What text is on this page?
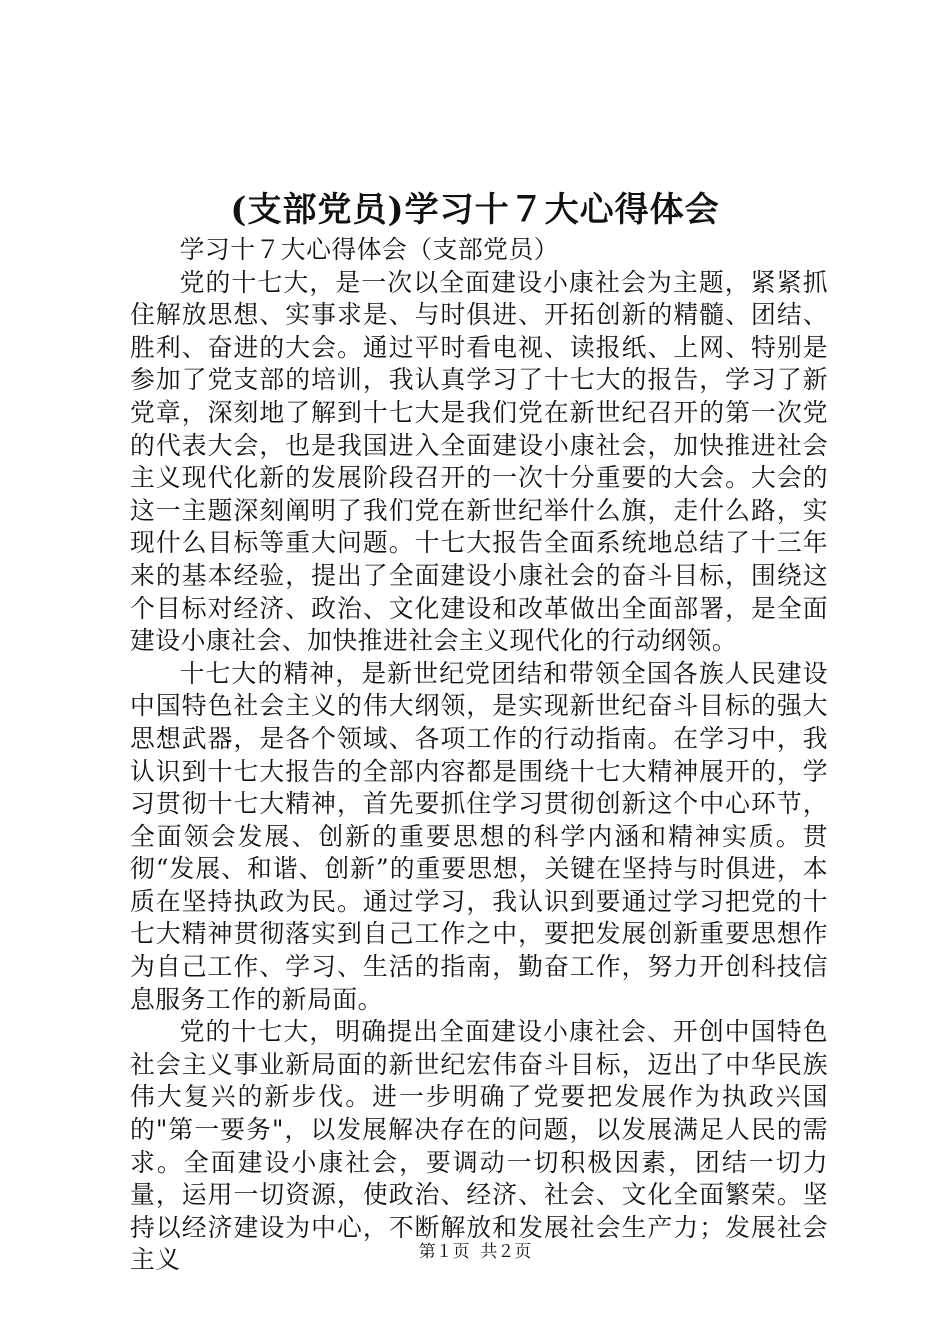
(支部党员)学习十７大心得体会

学习十７大心得体会（支部党员）

党的十七大，是一次以全面建设小康社会为主题，紧紧抓住解放思想、实事求是、与时俱进、开拓创新的精髓、团结、胜利、奋进的大会。通过平时看电视、读报纸、上网、特别是参加了党支部的培训，我认真学习了十七大的报告，学习了新党章，深刻地了解到十七大是我们党在新世纪召开的第一次党的代表大会，也是我国进入全面建设小康社会，加快推进社会主义现代化新的发展阶段召开的一次十分重要的大会。大会的这一主题深刻阐明了我们党在新世纪举什么旗，走什么路，实现什么目标等重大问题。十七大报告全面系统地总结了十三年来的基本经验，提出了全面建设小康社会的奋斗目标，围绕这个目标对经济、政治、文化建设和改革做出全面部署，是全面建设小康社会、加快推进社会主义现代化的行动纲领。

十七大的精神，是新世纪党团结和带领全国各族人民建设中国特色社会主义的伟大纲领，是实现新世纪奋斗目标的强大思想武器，是各个领域、各项工作的行动指南。在学习中，我认识到十七大报告的全部内容都是围绕十七大精神展开的，学习贯彻十七大精神，首先要抓住学习贯彻创新这个中心环节，全面领会发展、创新的重要思想的科学内涵和精神实质。贯彻“发展、和谐、创新”的重要思想，关键在坚持与时俱进，本质在坚持执政为民。通过学习，我认识到要通过学习把党的十七大精神贯彻落实到自己工作之中，要把发展创新重要思想作为自己工作、学习、生活的指南，勤奋工作，努力开创科技信息服务工作的新局面。

党的十七大，明确提出全面建设小康社会、开创中国特色社会主义事业新局面的新世纪宏伟奋斗目标，迈出了中华民族伟大复兴的新步伐。进一步明确了党要把发展作为执政兴国的"第一要务"，以发展解决存在的问题，以发展满足人民的需求。全面建设小康社会，要调动一切积极因素，团结一切力量，运用一切资源，使政治、经济、社会、文化全面繁荣。坚持以经济建设为中心，不断解放和发展社会生产力；发展社会主义	第１页  共２页
